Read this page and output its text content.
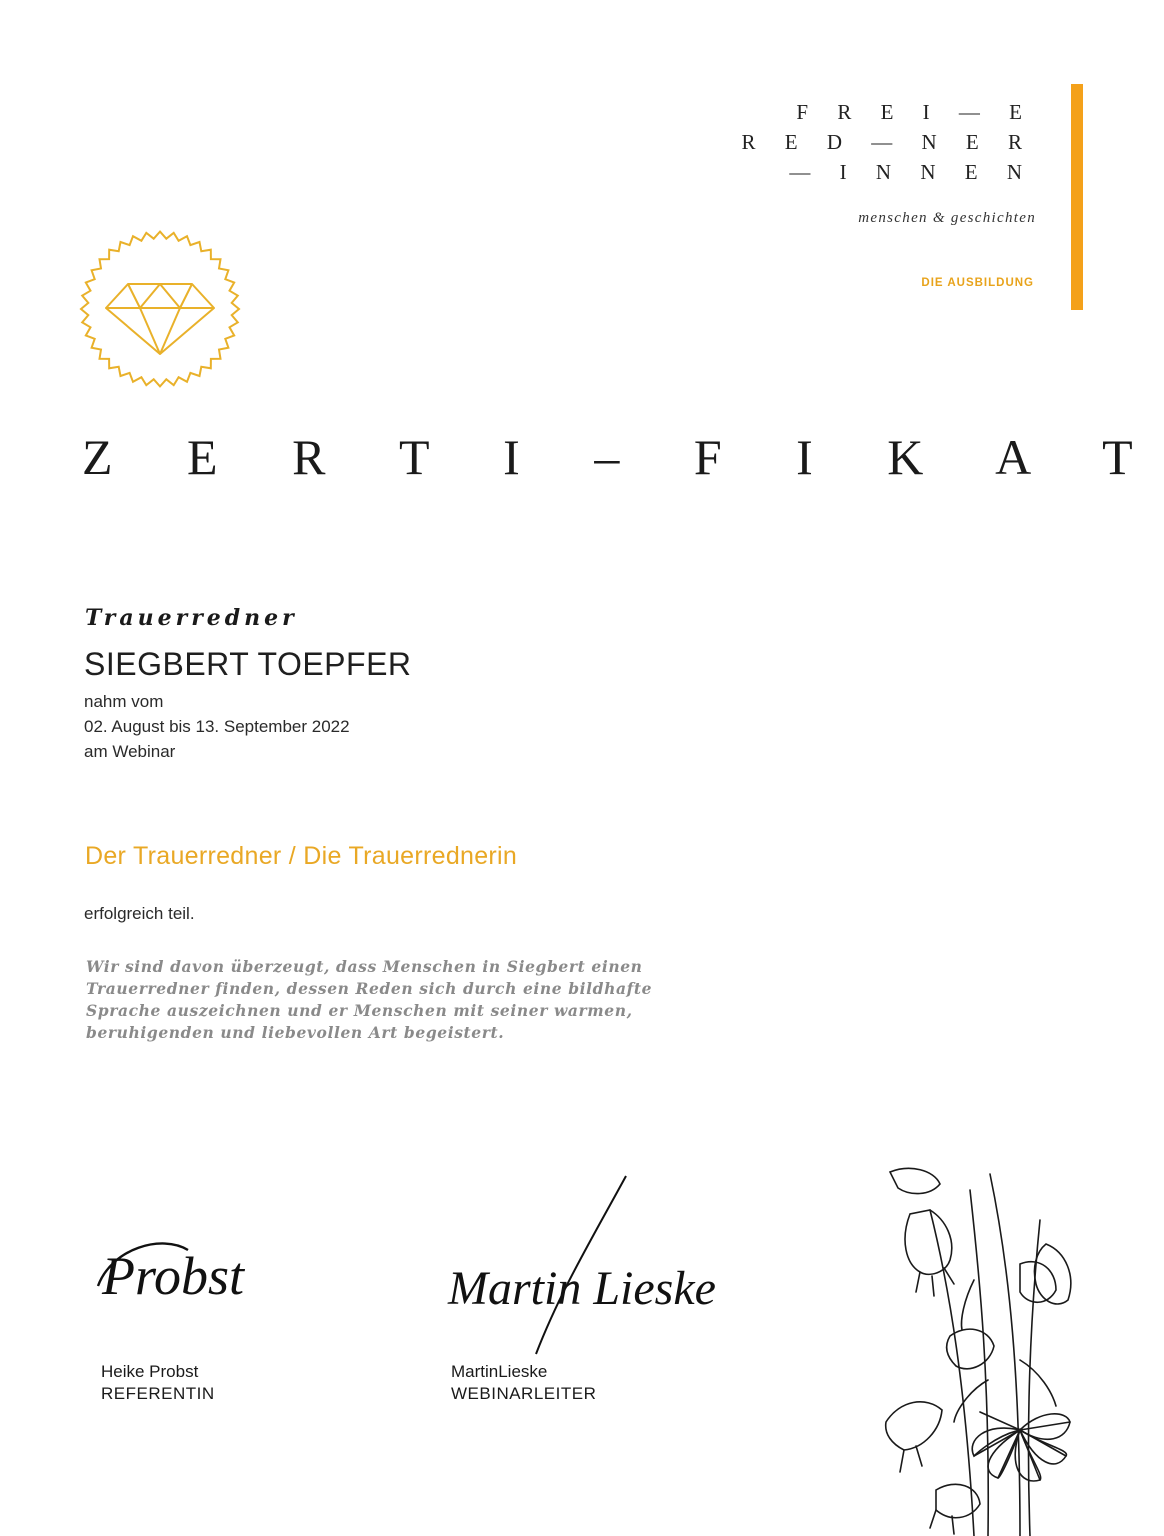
F R E I — E
R E D — N E R
— I N N E N
menschen & geschichten
DIE AUSBILDUNG
Z E R T I – F I K A T
Trauerredner
SIEGBERT TOEPFER
nahm vom
02. August bis 13. September 2022
am Webinar
Der Trauerredner / Die Trauerrednerin
erfolgreich teil.
Wir sind davon überzeugt, dass Menschen in Siegbert einen Trauerredner finden, dessen Reden sich durch eine bildhafte Sprache auszeichnen und er Menschen mit seiner warmen, beruhigenden und liebevollen Art begeistert.
Probst
Heike Probst
REFERENTIN
Martin Lieske
MartinLieske
WEBINARLEITER
